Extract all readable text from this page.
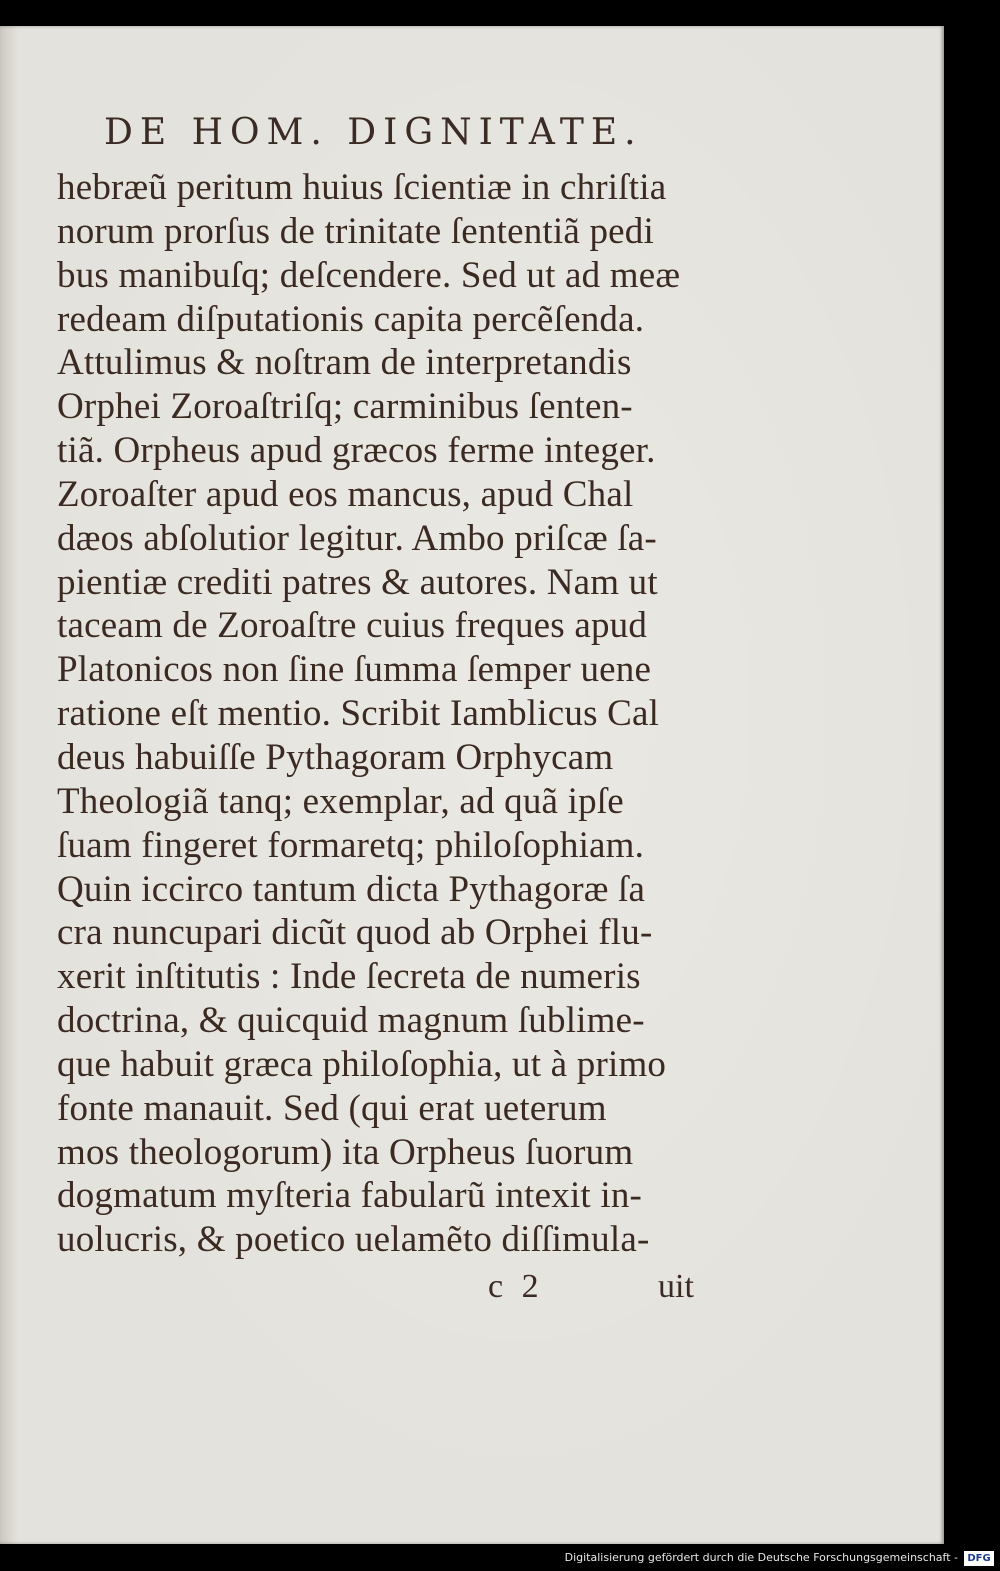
DE HOM. DIGNITATE.
hebræũ peritum huius ſcientiæ in chriſtia
norum prorſus de trinitate ſententiã pedi
bus manibuſq; deſcendere. Sed ut ad meæ
redeam diſputationis capita percẽſenda.
Attulimus & noſtram de interpretandis
Orphei Zoroaſtriſq; carminibus ſenten-
tiã. Orpheus apud græcos ferme integer.
Zoroaſter apud eos mancus, apud Chal
dæos abſolutior legitur. Ambo priſcæ ſa-
pientiæ crediti patres & autores. Nam ut
taceam de Zoroaſtre cuius freques apud
Platonicos non ſine ſumma ſemper uene
ratione eſt mentio. Scribit Iamblicus Cal
deus habuiſſe Pythagoram Orphycam
Theologiã tanq; exemplar, ad quã ipſe
ſuam fingeret formaretq; philoſophiam.
Quin iccirco tantum dicta Pythagoræ ſa
cra nuncupari dicũt quod ab Orphei flu-
xerit inſtitutis : Inde ſecreta de numeris
doctrina, & quicquid magnum ſublime-
que habuit græca philoſophia, ut à primo
fonte manauit. Sed (qui erat ueterum
mos theologorum) ita Orpheus ſuorum
dogmatum myſteria fabularũ intexit in-
uolucris, & poetico uelamẽto diſſimula-
c 2	uit
Digitalisierung gefördert durch die Deutsche Forschungsgemeinschaft - DFG
